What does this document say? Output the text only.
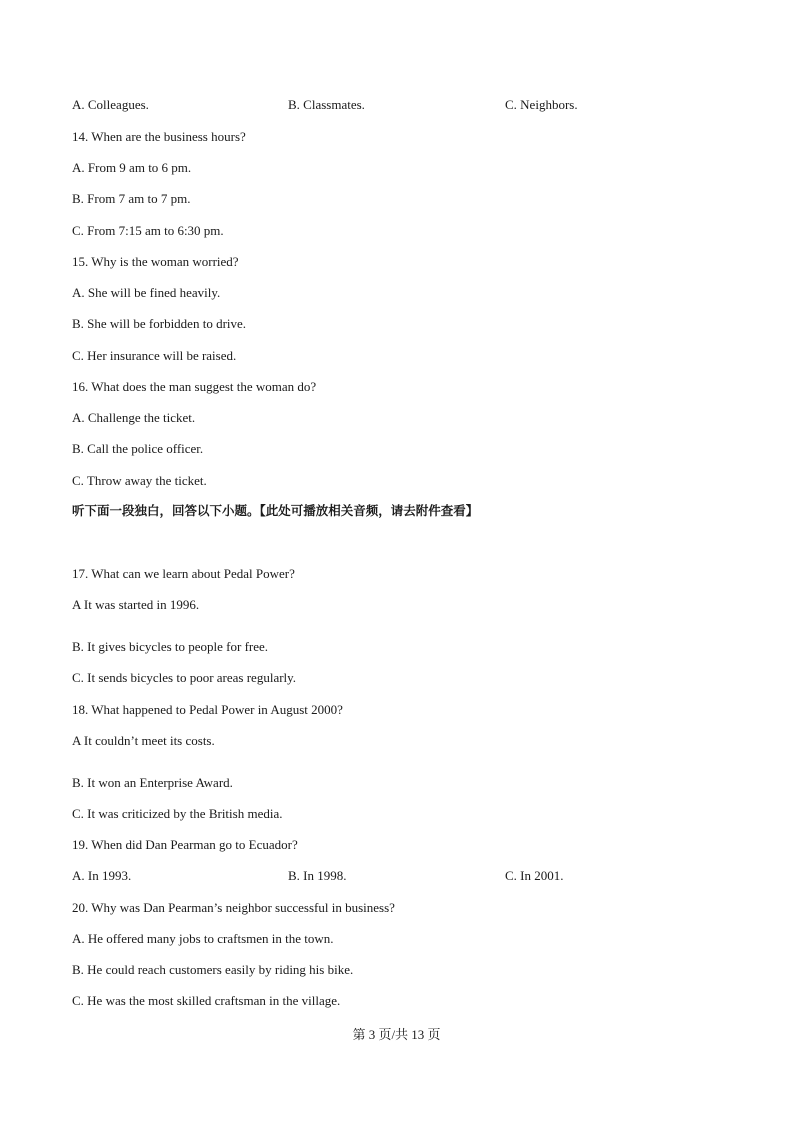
A. Colleagues.	B. Classmates.	C. Neighbors.
14. When are the business hours?
A. From 9 am to 6 pm.
B. From 7 am to 7 pm.
C. From 7:15 am to 6:30 pm.
15. Why is the woman worried?
A. She will be fined heavily.
B. She will be forbidden to drive.
C. Her insurance will be raised.
16. What does the man suggest the woman do?
A. Challenge the ticket.
B. Call the police officer.
C. Throw away the ticket.
听下面一段独白，回答以下小题。【此处可播放相关音频，请去附件查看】
17. What can we learn about Pedal Power?
A It was started in 1996.
B. It gives bicycles to people for free.
C. It sends bicycles to poor areas regularly.
18. What happened to Pedal Power in August 2000?
A It couldn’t meet its costs.
B. It won an Enterprise Award.
C. It was criticized by the British media.
19. When did Dan Pearman go to Ecuador?
A. In 1993.	B. In 1998.	C. In 2001.
20. Why was Dan Pearman’s neighbor successful in business?
A. He offered many jobs to craftsmen in the town.
B. He could reach customers easily by riding his bike.
C. He was the most skilled craftsman in the village.
第 3 页/共 13 页
